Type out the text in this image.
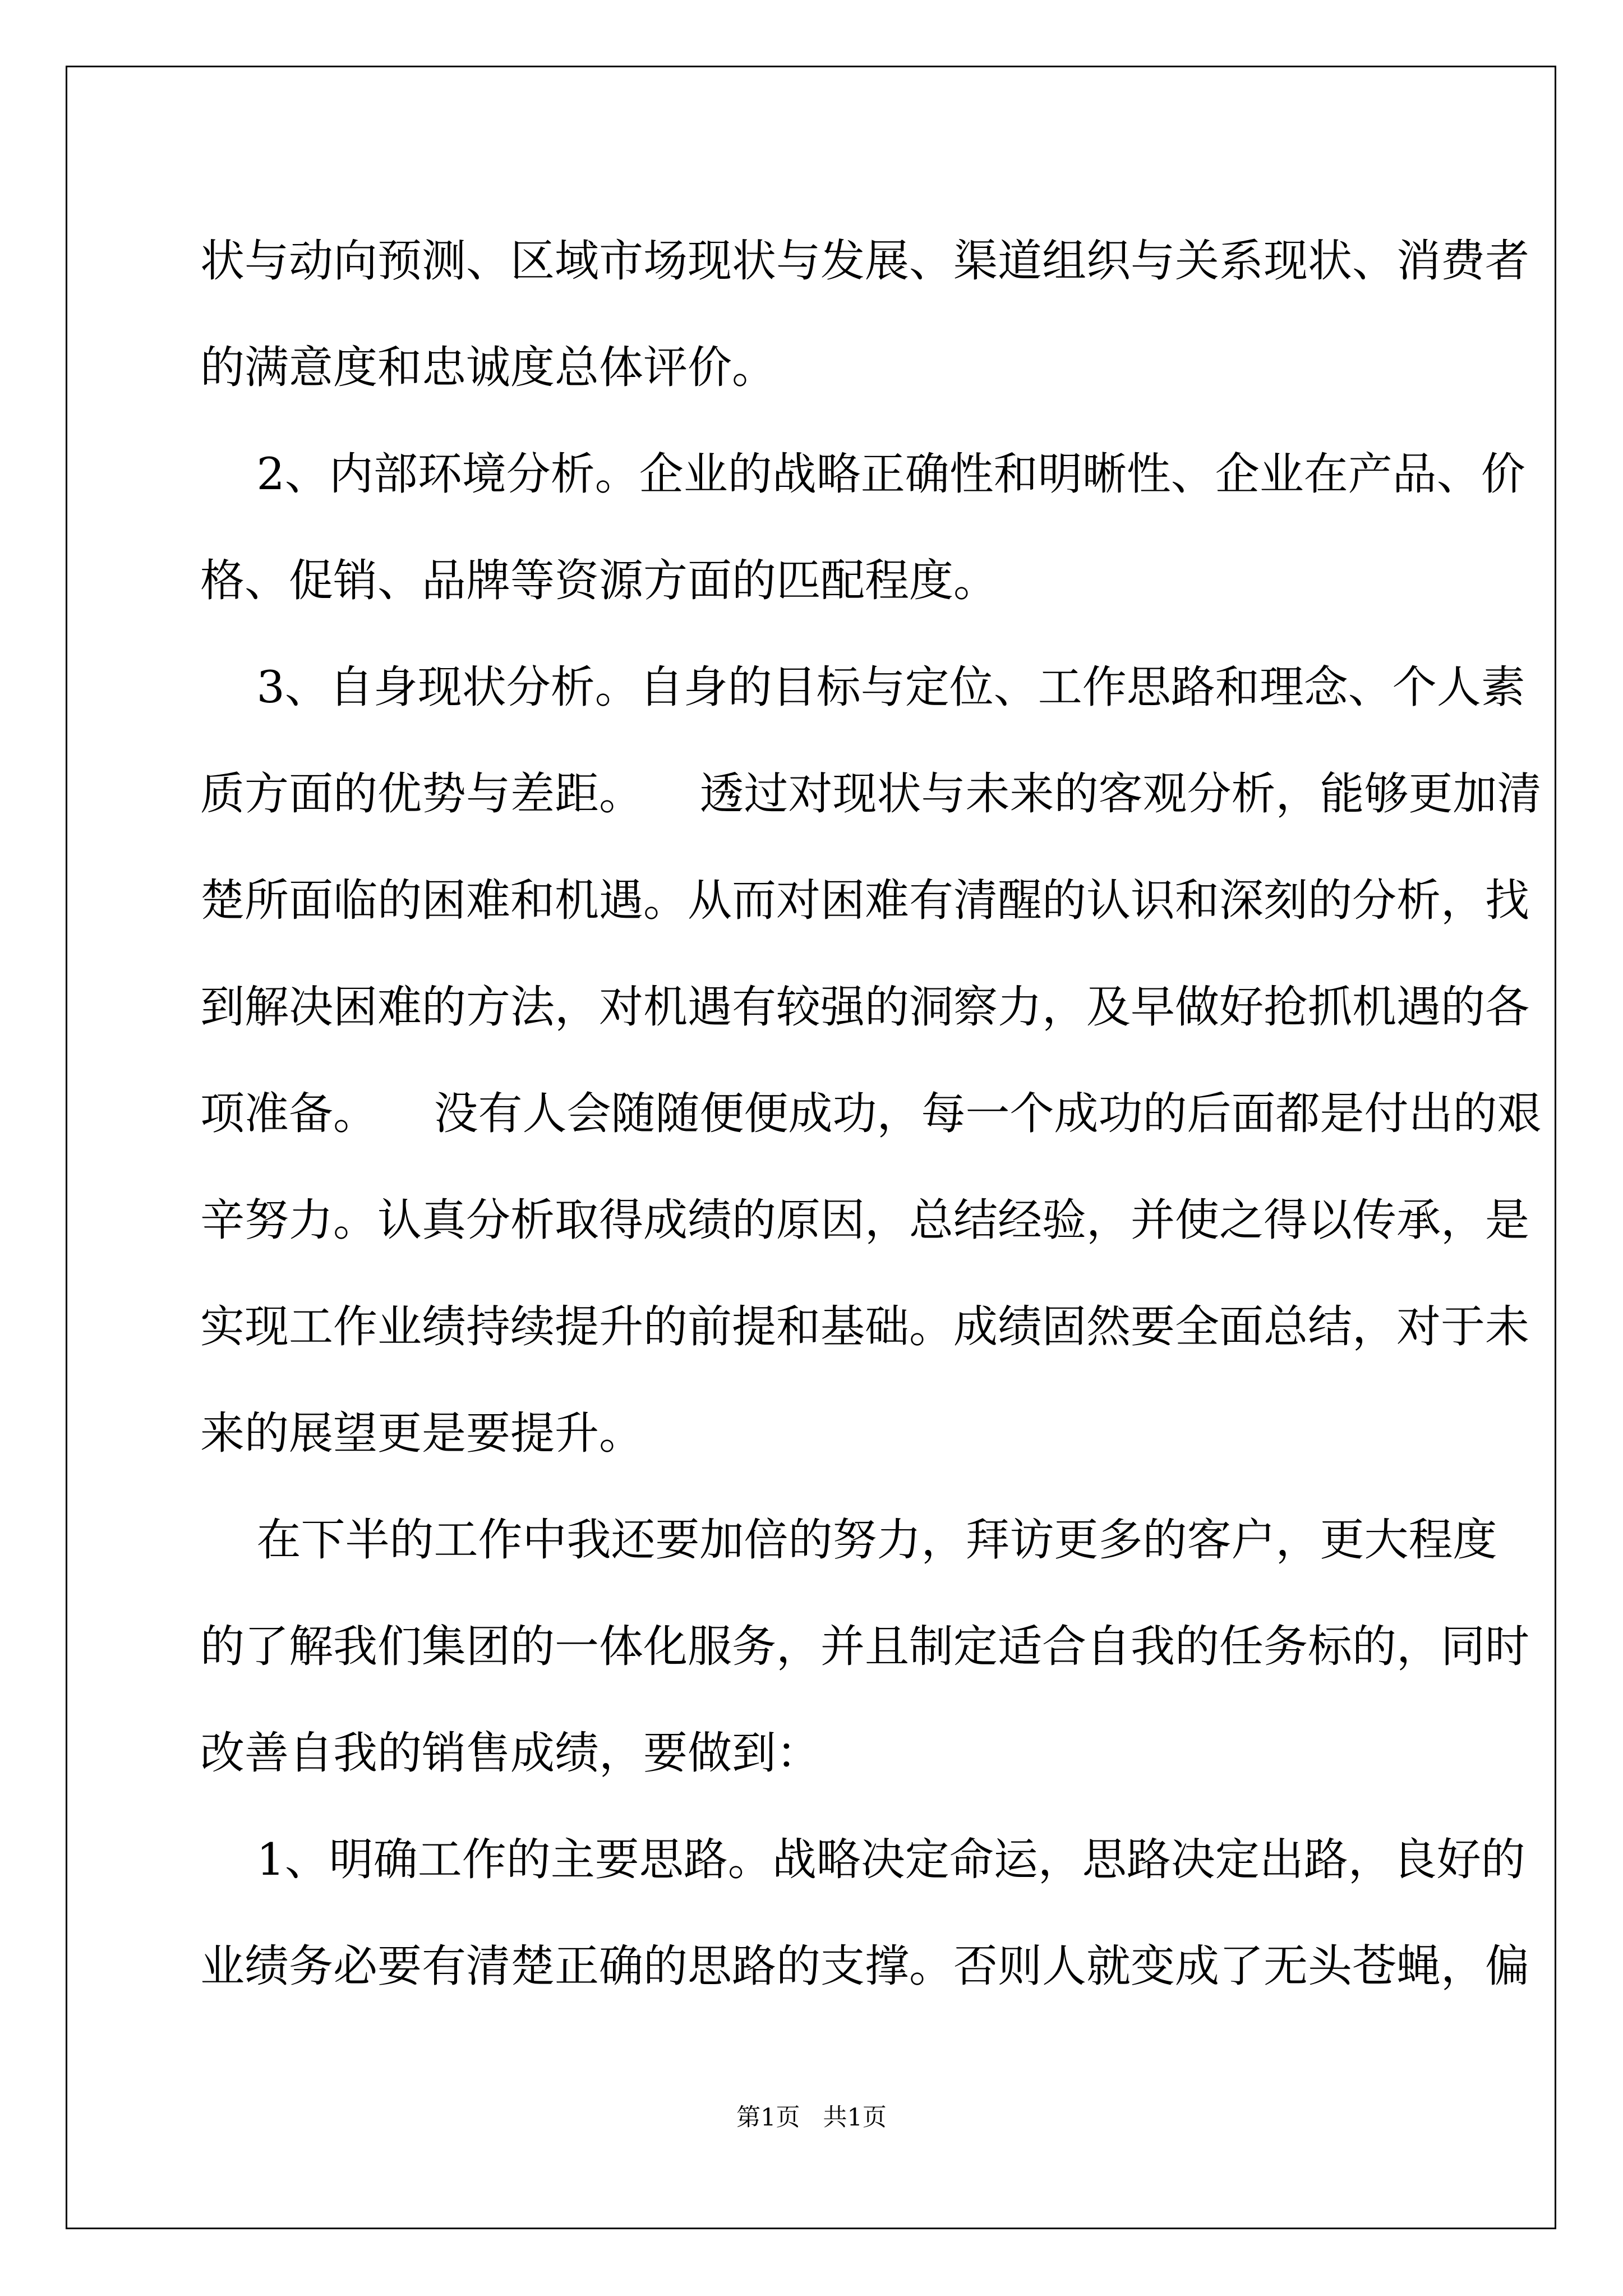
状与动向预测、区域市场现状与发展、渠道组织与关系现状、消费者
的满意度和忠诚度总体评价。
2、内部环境分析。企业的战略正确性和明晰性、企业在产品、价
格、促销、品牌等资源方面的匹配程度。
3、自身现状分析。自身的目标与定位、工作思路和理念、个人素
质方面的优势与差距。    透过对现状与未来的客观分析，能够更加清
楚所面临的困难和机遇。从而对困难有清醒的认识和深刻的分析，找
到解决困难的方法，对机遇有较强的洞察力，及早做好抢抓机遇的各
项准备。    没有人会随随便便成功，每一个成功的后面都是付出的艰
辛努力。认真分析取得成绩的原因，总结经验，并使之得以传承，是
实现工作业绩持续提升的前提和基础。成绩固然要全面总结，对于未
来的展望更是要提升。
在下半的工作中我还要加倍的努力，拜访更多的客户，更大程度
的了解我们集团的一体化服务，并且制定适合自我的任务标的，同时
改善自我的销售成绩，要做到：
1、明确工作的主要思路。战略决定命运，思路决定出路，良好的
业绩务必要有清楚正确的思路的支撑。否则人就变成了无头苍蝇，偏
第1页   共1页
